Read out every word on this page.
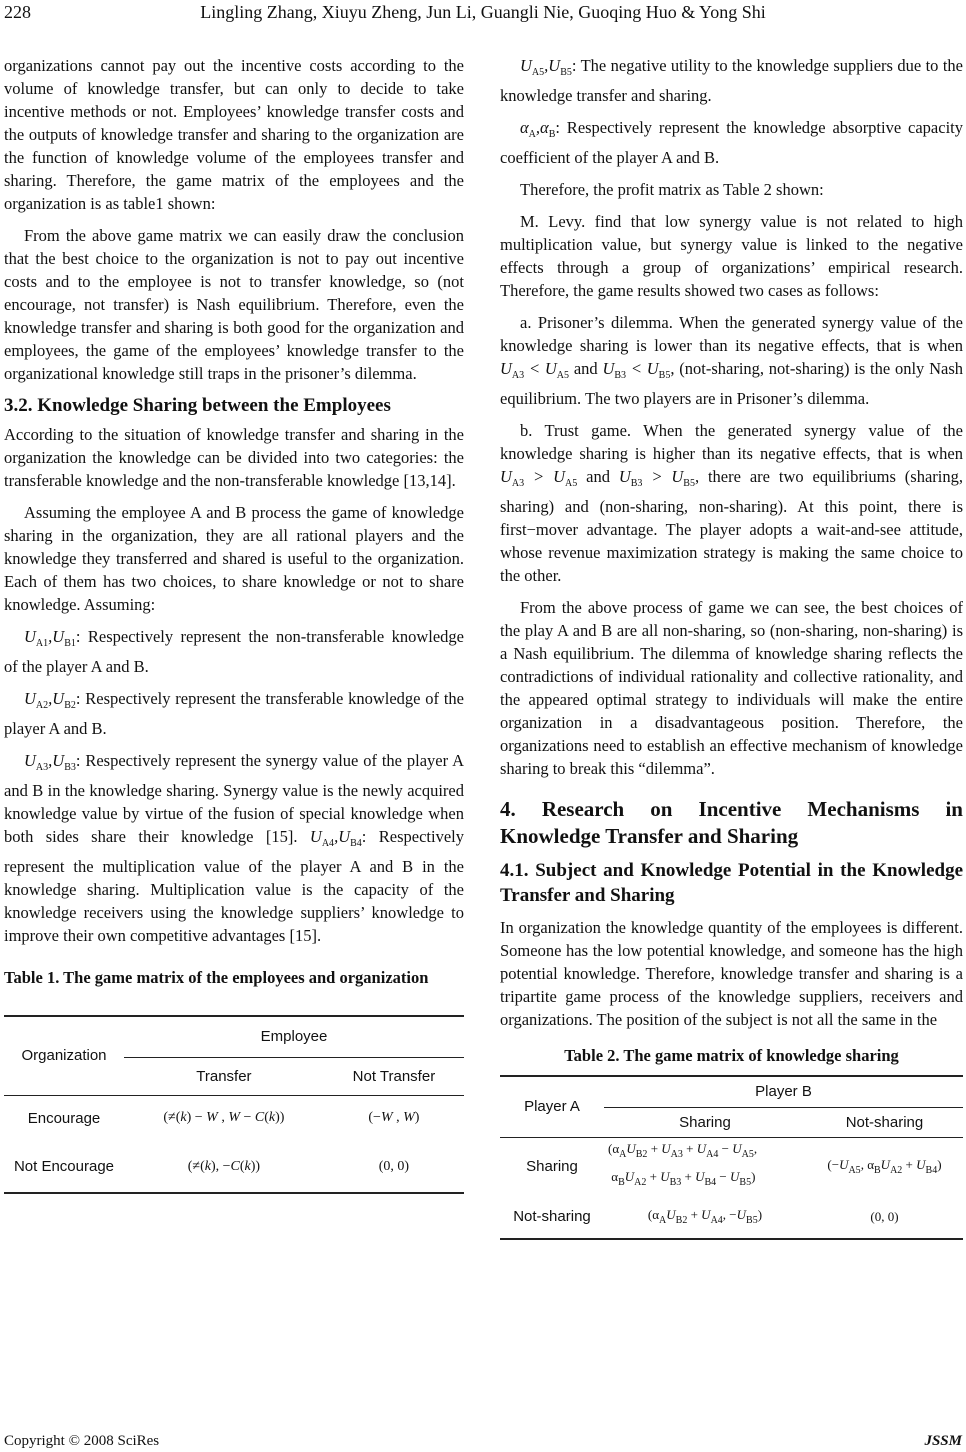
228	Lingling Zhang, Xiuyu Zheng, Jun Li, Guangli Nie, Guoqing Huo & Yong Shi

organizations cannot pay out the incentive costs according to the volume of knowledge transfer, but can only to decide to take incentive methods or not. Employees’ knowledge transfer costs and the outputs of knowledge transfer and sharing to the organization are the function of knowledge volume of the employees transfer and sharing. Therefore, the game matrix of the employees and the organization is as table1 shown:

From the above game matrix we can easily draw the conclusion that the best choice to the organization is not to pay out incentive costs and to the employee is not to transfer knowledge, so (not encourage, not transfer) is Nash equilibrium. Therefore, even the knowledge transfer and sharing is both good for the organization and employees, the game of the employees’ knowledge transfer to the organizational knowledge still traps in the prisoner’s dilemma.

3.2. Knowledge Sharing between the Employees

According to the situation of knowledge transfer and sharing in the organization the knowledge can be divided into two categories: the transferable knowledge and the non-transferable knowledge [13,14].

Assuming the employee A and B process the game of knowledge sharing in the organization, they are all rational players and the knowledge they transferred and shared is useful to the organization. Each of them has two choices, to share knowledge or not to share knowledge. Assuming:

$U_{A1},U_{B1}$: Respectively represent the non-transferable knowledge of the player A and B.

$U_{A2},U_{B2}$: Respectively represent the transferable knowledge of the player A and B.

$U_{A3},U_{B3}$: Respectively represent the synergy value of the player A and B in the knowledge sharing. Synergy value is the newly acquired knowledge value by virtue of the fusion of special knowledge when both sides share their knowledge [15]. $U_{A4},U_{B4}$: Respectively represent the multiplication value of the player A and B in the knowledge sharing. Multiplication value is the capacity of the knowledge receivers using the knowledge suppliers’ knowledge to improve their own competitive advantages [15].

Table 1. The game matrix of the employees and organization

Organization	Employee	
	Transfer	Not Transfer
Encourage	(≠(k) − W , W − C(k))	(−W , W)
Not Encourage	(≠(k), −C(k))	(0, 0)

$U_{A5},U_{B5}$: The negative utility to the knowledge suppliers due to the knowledge transfer and sharing.

$\alpha_A,\alpha_B$: Respectively represent the knowledge absorptive capacity coefficient of the player A and B.

Therefore, the profit matrix as Table 2 shown:

M. Levy. find that low synergy value is not related to high multiplication value, but synergy value is linked to the negative effects through a group of organizations’ empirical research. Therefore, the game results showed two cases as follows:

a. Prisoner’s dilemma. When the generated synergy value of the knowledge sharing is lower than its negative effects, that is when $U_{A3} < U_{A5}$ and $U_{B3} < U_{B5}$, (not-sharing, not-sharing) is the only Nash equilibrium. The two players are in Prisoner’s dilemma.

b. Trust game. When the generated synergy value of the knowledge sharing is higher than its negative effects, that is when $U_{A3} > U_{A5}$ and $U_{B3} > U_{B5}$, there are two equilibriums (sharing, sharing) and (non-sharing, non-sharing). At this point, there is first−mover advantage. The player adopts a wait-and-see attitude, whose revenue maximization strategy is making the same choice to the other.

From the above process of game we can see, the best choices of the play A and B are all non-sharing, so (non-sharing, non-sharing) is a Nash equilibrium. The dilemma of knowledge sharing reflects the contradictions of individual rationality and collective rationality, and the appeared optimal strategy to individuals will make the entire organization in a disadvantageous position. Therefore, the organizations need to establish an effective mechanism of knowledge sharing to break this “dilemma”.

4. Research on Incentive Mechanisms in Knowledge Transfer and Sharing
4.1. Subject and Knowledge Potential in the Knowledge Transfer and Sharing

In organization the knowledge quantity of the employees is different. Someone has the low potential knowledge, and someone has the high potential knowledge. Therefore, knowledge transfer and sharing is a tripartite game process of the knowledge suppliers, receivers and organizations. The position of the subject is not all the same in the

Table 2. The game matrix of knowledge sharing

Player A	Player B	
	Sharing	Not-sharing
Sharing	($\alpha_AU_{B2} + U_{A3} + U_{A4} - U_{A5}$,
$\alpha_BU_{A2} + U_{B3} + U_{B4} - U_{B5}$)	($-U_{A5}$, $\alpha_BU_{A2} + U_{B4}$)
Not-sharing	($\alpha_AU_{B2} + U_{A4}$, $-U_{B5}$)	(0, 0)
Copyright © 2008 SciRes	JSSM
